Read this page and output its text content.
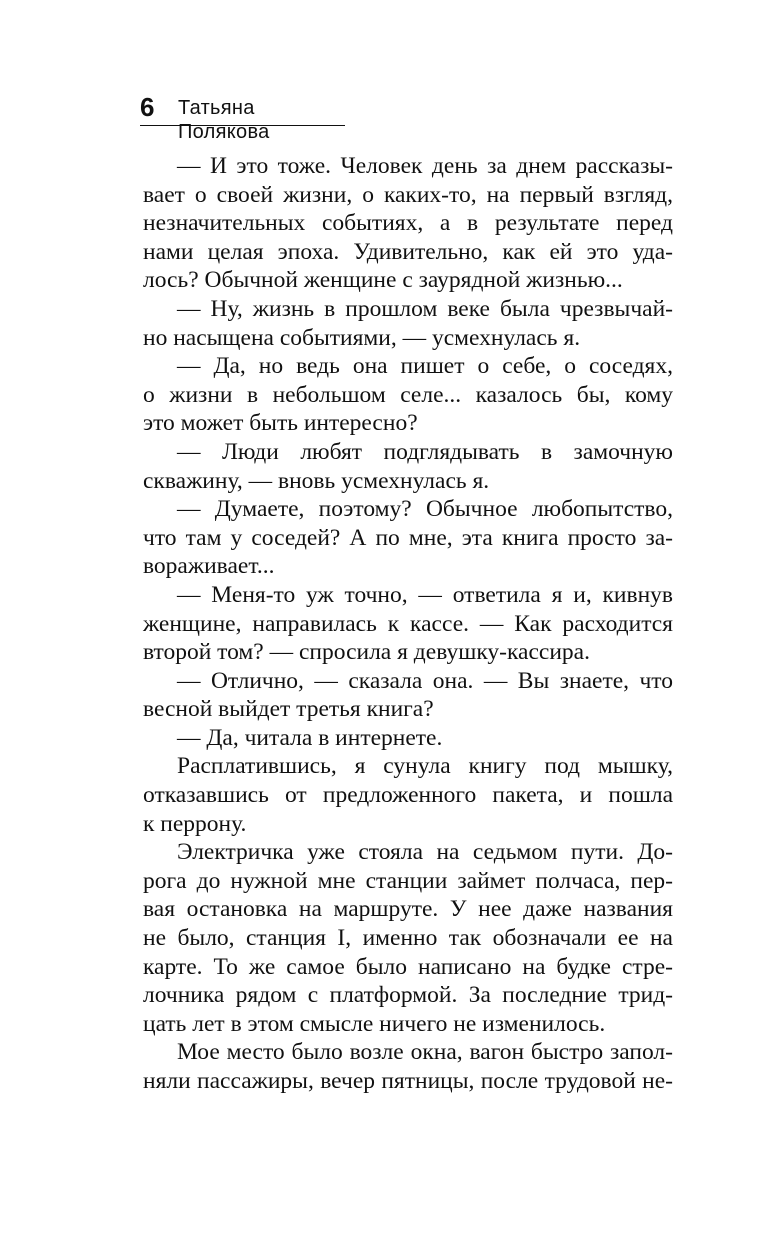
6 Татьяна Полякова
— И это тоже. Человек день за днем рассказы-
вает о своей жизни, о каких-то, на первый взгляд,
незначительных событиях, а в результате перед
нами целая эпоха. Удивительно, как ей это уда-
лось? Обычной женщине с заурядной жизнью...
— Ну, жизнь в прошлом веке была чрезвычай-
но насыщена событиями, — усмехнулась я.
— Да, но ведь она пишет о себе, о соседях,
о жизни в небольшом селе... казалось бы, кому
это может быть интересно?
— Люди любят подглядывать в замочную
скважину, — вновь усмехнулась я.
— Думаете, поэтому? Обычное любопытство,
что там у соседей? А по мне, эта книга просто за-
вораживает...
— Меня-то уж точно, — ответила я и, кивнув
женщине, направилась к кассе. — Как расходится
второй том? — спросила я девушку-кассира.
— Отлично, — сказала она. — Вы знаете, что
весной выйдет третья книга?
— Да, читала в интернете.
Расплатившись, я сунула книгу под мышку,
отказавшись от предложенного пакета, и пошла
к перрону.
Электричка уже стояла на седьмом пути. До-
рога до нужной мне станции займет полчаса, пер-
вая остановка на маршруте. У нее даже названия
не было, станция I, именно так обозначали ее на
карте. То же самое было написано на будке стре-
лочника рядом с платформой. За последние трид-
цать лет в этом смысле ничего не изменилось.
Мое место было возле окна, вагон быстро запол-
няли пассажиры, вечер пятницы, после трудовой не-
